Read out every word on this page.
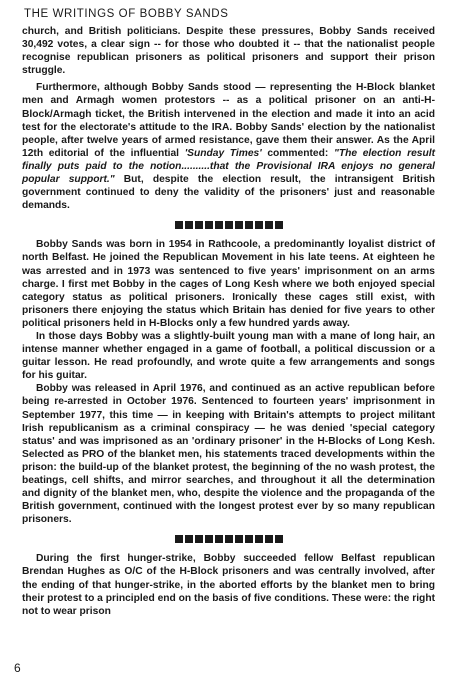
THE WRITINGS OF BOBBY SANDS

church, and British politicians. Despite these pressures, Bobby Sands received 30,492 votes, a clear sign -- for those who doubted it -- that the nationalist people recognise republican prisoners as political prisoners and support their prison struggle.

Furthermore, although Bobby Sands stood — representing the H-Block blanket men and Armagh women protestors -- as a political prisoner on an anti-H-Block/Armagh ticket, the British intervened in the election and made it into an acid test for the electorate's attitude to the IRA. Bobby Sands' election by the nationalist people, after twelve years of armed resistance, gave them their answer. As the April 12th editorial of the influential 'Sunday Times' commented: "The election result finally puts paid to the notion..........that the Provisional IRA enjoys no general popular support." But, despite the election result, the intransigent British government continued to deny the validity of the prisoners' just and reasonable demands.

Bobby Sands was born in 1954 in Rathcoole, a predominantly loyalist district of north Belfast. He joined the Republican Movement in his late teens. At eighteen he was arrested and in 1973 was sentenced to five years' imprisonment on an arms charge. I first met Bobby in the cages of Long Kesh where we both enjoyed special category status as political prisoners. Ironically these cages still exist, with prisoners there enjoying the status which Britain has denied for five years to other political prisoners held in H-Blocks only a few hundred yards away.

In those days Bobby was a slightly-built young man with a mane of long hair, an intense manner whether engaged in a game of football, a political discussion or a guitar lesson. He read profoundly, and wrote quite a few arrangements and songs for his guitar.

Bobby was released in April 1976, and continued as an active republican before being re-arrested in October 1976. Sentenced to fourteen years' imprisonment in September 1977, this time — in keeping with Britain's attempts to project militant Irish republicanism as a criminal conspiracy — he was denied 'special category status' and was imprisoned as an 'ordinary prisoner' in the H-Blocks of Long Kesh. Selected as PRO of the blanket men, his statements traced developments within the prison: the build-up of the blanket protest, the beginning of the no wash protest, the beatings, cell shifts, and mirror searches, and throughout it all the determination and dignity of the blanket men, who, despite the violence and the propaganda of the British government, continued with the longest protest ever by so many republican prisoners.

During the first hunger-strike, Bobby succeeded fellow Belfast republican Brendan Hughes as O/C of the H-Block prisoners and was centrally involved, after the ending of that hunger-strike, in the aborted efforts by the blanket men to bring their protest to a principled end on the basis of five conditions. These were: the right not to wear prison

6
